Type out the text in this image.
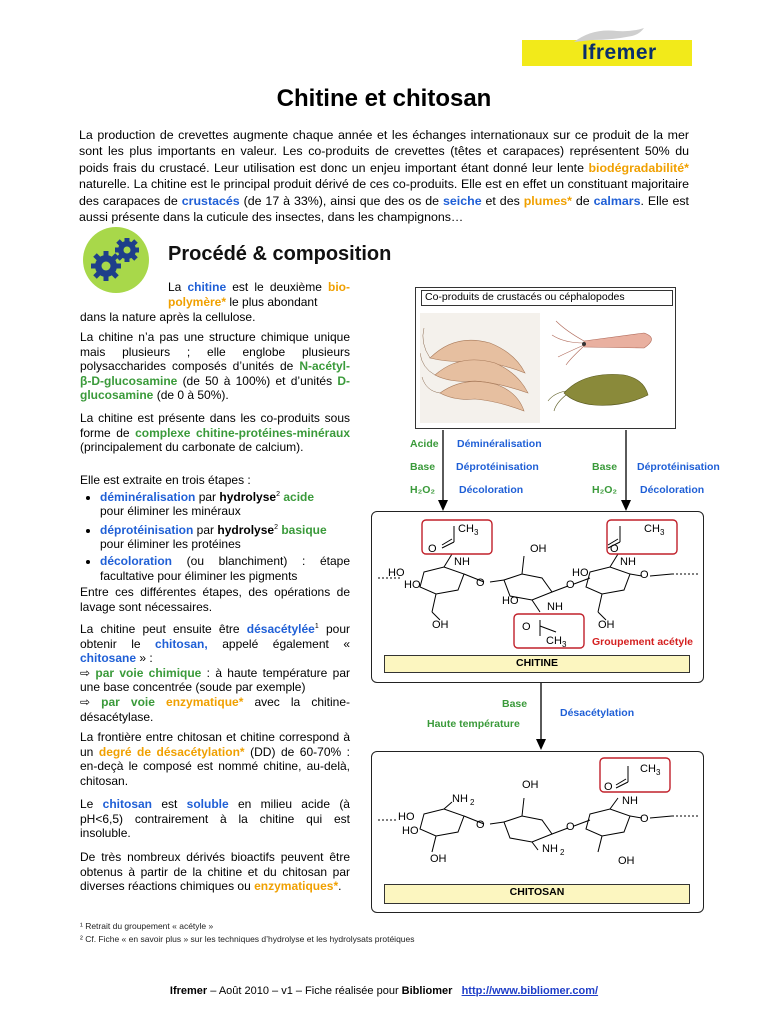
Ifremer
Chitine et chitosan
La production de crevettes augmente chaque année et les échanges internationaux sur ce produit de la mer sont les plus importants en valeur. Les co-produits de crevettes (têtes et carapaces) représentent 50% du poids frais du crustacé. Leur utilisation est donc un enjeu important étant donné leur lente biodégradabilité* naturelle. La chitine est le principal produit dérivé de ces co-produits. Elle est en effet un constituant majoritaire des carapaces de crustacés (de 17 à 33%), ainsi que des os de seiche et des plumes* de calmars. Elle est aussi présente dans la cuticule des insectes, dans les champignons…
Procédé & composition
La chitine est le deuxième bio-polymère* le plus abondant
dans la nature après la cellulose.
La chitine n’a pas une structure chimique unique mais plusieurs ; elle englobe plusieurs polysaccharides composés d’unités de N-acétyl-β-D-glucosamine (de 50 à 100%) et d’unités D-glucosamine (de 0 à 50%).
La chitine est présente dans les co-produits sous forme de complexe chitine-protéines-minéraux (principalement du carbonate de calcium).

Elle est extraite en trois étapes :

• déminéralisation par hydrolyse$^2$ acide
pour éliminer les minéraux
• déprotéinisation par hydrolyse$^2$ basique
pour éliminer les protéines
• décoloration (ou blanchiment) : étape facultative pour éliminer les pigments

Entre ces différentes étapes, des opérations de lavage sont nécessaires.

La chitine peut ensuite être désacétylée$^1$ pour obtenir le chitosan, appelé également « chitosane » :
⇨ par voie chimique : à haute température par une base concentrée (soude par exemple)
⇨ par voie enzymatique* avec la chitine-désacétylase.
La frontière entre chitosan et chitine correspond à un degré de désacétylation* (DD) de 60-70% : en-deçà le composé est nommé chitine, au-delà, chitosan.
Le chitosan est soluble en milieu acide (à pH<6,5) contrairement à la chitine qui est insoluble.
De très nombreux dérivés bioactifs peuvent être obtenus à partir de la chitine et du chitosan par diverses réactions chimiques ou enzymatiques*.
¹ Retrait du groupement « acétyle »
² Cf. Fiche « en savoir plus » sur les techniques d’hydrolyse et les hydrolysats protéiques
Ifremer – Août 2010 – v1 – Fiche réalisée pour Bibliomer http://www.bibliomer.com/
Co-produits de crustacés ou céphalopodes
Acide Déminéralisation
Base Déprotéinisation
H₂O₂ Décoloration
Base Déprotéinisation
H₂O₂ Décoloration
CH 3
O
NH
HO
HO
OH
O
OH
HO	NH
O
HO
CH 3
O
NH
OH
O
O
CH 3 Groupement acétyle
CHITINE
Base
Haute température
Désacétylation
NH 2
HO
HO
OH
O
OH
NH 2
O
CH 3
O
NH
O
OH
CHITOSAN
